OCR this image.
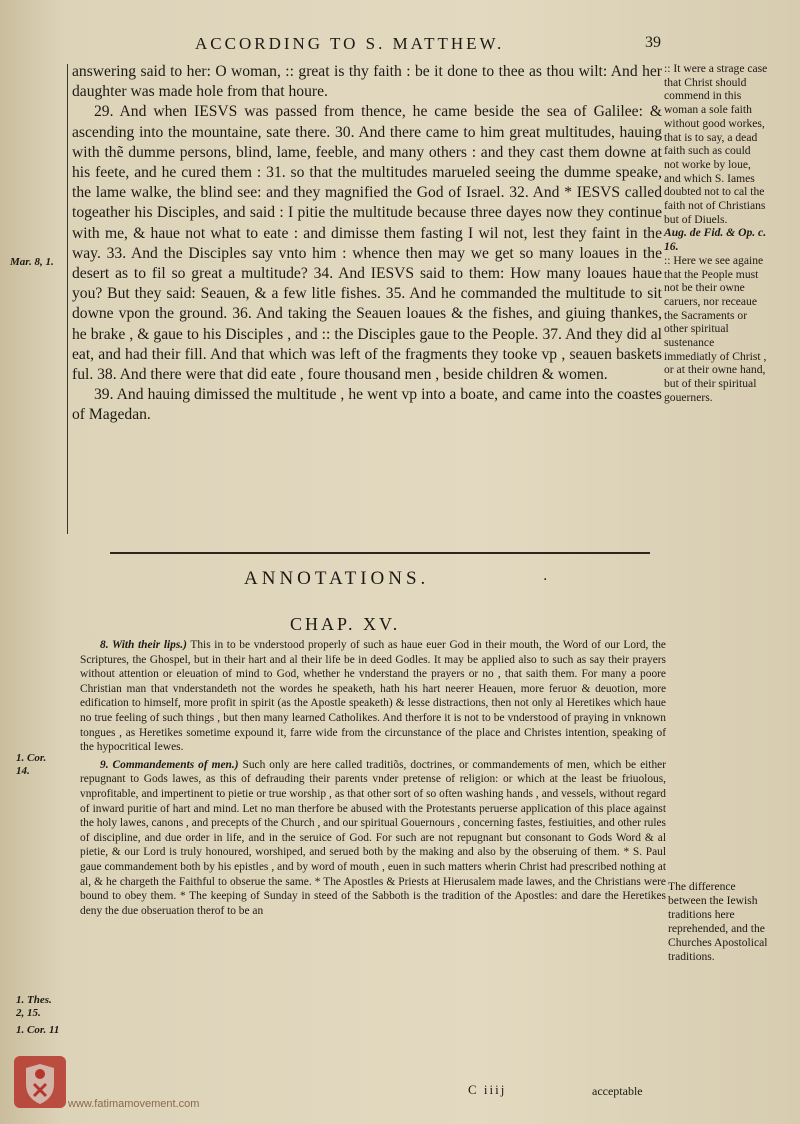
ACCORDING TO S. MATTHEW.	39

answering said to her: O woman, :: great is thy faith : be it done to thee as thou wilt: And her daughter was made hole from that houre.

29. And when IESVS was passed from thence, he came beside the sea of Galilee: & ascending into the mountaine, sate there. 30. And there came to him great multitudes, hauing with thẽ dumme persons, blind, lame, feeble, and many others : and they cast them downe at his feete, and he cured them : 31. so that the multitudes marueled seeing the dumme speake, the lame walke, the blind see: and they magnified the God of Israel. 32. And * IESVS called togeather his Disciples, and said : I pitie the multitude because three dayes now they continue with me, & haue not what to eate : and dimisse them fasting I wil not, lest they faint in the way. 33. And the Disciples say vnto him : whence then may we get so many loaues in the desert as to fil so great a multitude? 34. And IESVS said to them: How many loaues haue you? But they said: Seauen, & a few litle fishes. 35. And he commanded the multitude to sit downe vpon the ground. 36. And taking the Seauen loaues & the fishes, and giuing thankes, he brake , & gaue to his Disciples , and :: the Disciples gaue to the People. 37. And they did al eat, and had their fill. And that which was left of the fragments they tooke vp , seauen baskets ful. 38. And there were that did eate , foure thousand men , beside children & women.

39. And hauing dimissed the multitude , he went vp into a boate, and came into the coastes of Magedan.

:: It were a strage case that Christ should commend in this woman a sole faith without good workes, that is to say, a dead faith such as could not worke by loue, and which S. Iames doubted not to cal the faith not of Christians but of Diuels.
Aug. de Fid. & Op. c. 16.
:: Here we see againe that the People must not be their owne caruers, nor receaue the Sacraments or other spiritual sustenance immediatly of Christ , or at their owne hand, but of their spiritual gouerners.
Mar. 8, 1.
1. Cor. 14.
1. Thes. 2, 15.
1. Cor. 11
ANNOTATIONS.	·
CHAP. XV.

8. With their lips.) This in to be vnderstood properly of such as haue euer God in their mouth, the Word of our Lord, the Scriptures, the Ghospel, but in their hart and al their life be in deed Godles. It may be applied also to such as say their prayers without attention or eleuation of mind to God, whether he vnderstand the prayers or no , that saith them. For many a poore Christian man that vnderstandeth not the wordes he speaketh, hath his hart neerer Heauen, more feruor & deuotion, more edification to himself, more profit in spirit (as the Apostle speaketh) & lesse distractions, then not only al Heretikes which haue no true feeling of such things , but then many learned Catholikes. And therfore it is not to be vnderstood of praying in vnknown tongues , as Heretikes sometime expound it, farre wide from the circunstance of the place and Christes intention, speaking of the hypocritical Iewes.

9. Commandements of men.) Such only are here called traditiõs, doctrines, or commandements of men, which be either repugnant to Gods lawes, as this of defrauding their parents vnder pretense of religion: or which at the least be friuolous, vnprofitable, and impertinent to pietie or true worship , as that other sort of so often washing hands , and vessels, without regard of inward puritie of hart and mind. Let no man therfore be abused with the Protestants peruerse application of this place against the holy lawes, canons , and precepts of the Church , and our spiritual Gouernours , concerning fastes, festiuities, and other rules of discipline, and due order in life, and in the seruice of God. For such are not repugnant but consonant to Gods Word & al pietie, & our Lord is truly honoured, worshiped, and serued both by the making and also by the obseruing of them. * S. Paul gaue commandement both by his epistles , and by word of mouth , euen in such matters wherin Christ had prescribed nothing at al, & he chargeth the Faithful to obserue the same. * The Apostles & Priests at Hierusalem made lawes, and the Christians were bound to obey them. * The keeping of Sunday in steed of the Sabboth is the tradition of the Apostles: and dare the Heretikes deny the due obseruation therof to be an

The difference between the Iewish traditions here reprehended, and the Churches Apostolical traditions.
C iiij	acceptable
www.fatimamovement.com
